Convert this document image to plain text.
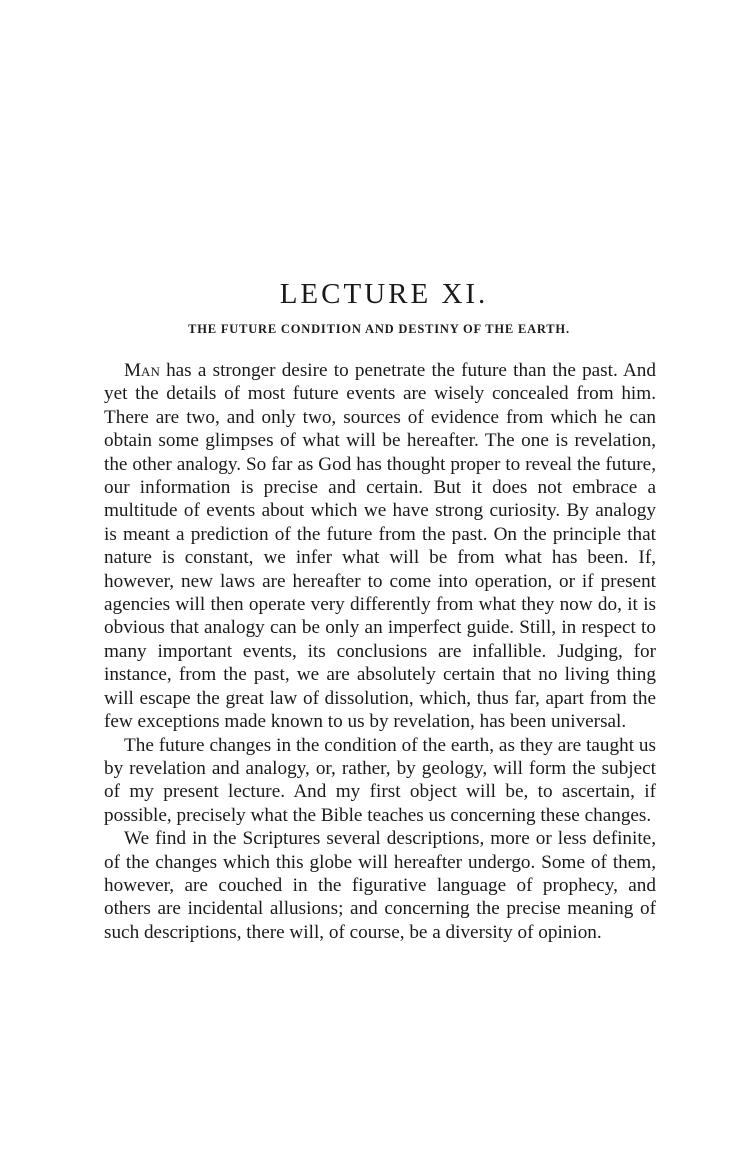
LECTURE XI.
THE FUTURE CONDITION AND DESTINY OF THE EARTH.

Man has a stronger desire to penetrate the future than the past. And yet the details of most future events are wisely concealed from him. There are two, and only two, sources of evidence from which he can obtain some glimpses of what will be hereafter. The one is revelation, the other analogy. So far as God has thought proper to reveal the future, our information is precise and certain. But it does not embrace a multitude of events about which we have strong curiosity. By analogy is meant a prediction of the future from the past. On the principle that nature is constant, we infer what will be from what has been. If, however, new laws are hereafter to come into operation, or if present agencies will then operate very differently from what they now do, it is obvious that analogy can be only an imperfect guide. Still, in respect to many important events, its conclusions are infallible. Judging, for instance, from the past, we are absolutely certain that no living thing will escape the great law of dissolution, which, thus far, apart from the few exceptions made known to us by revelation, has been universal.

The future changes in the condition of the earth, as they are taught us by revelation and analogy, or, rather, by geology, will form the subject of my present lecture. And my first object will be, to ascertain, if possible, precisely what the Bible teaches us concerning these changes.

We find in the Scriptures several descriptions, more or less definite, of the changes which this globe will hereafter undergo. Some of them, however, are couched in the figurative language of prophecy, and others are incidental allusions; and concerning the precise meaning of such descriptions, there will, of course, be a diversity of opinion.
